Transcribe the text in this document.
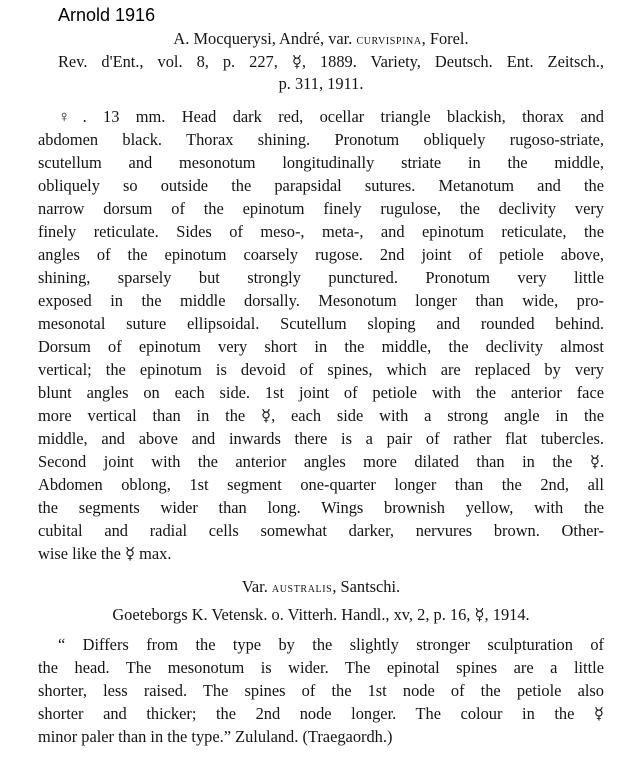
Arnold 1916
A. Mocquerysi, André, var. curvispina, Forel.
Rev. d'Ent., vol. 8, p. 227, ☿, 1889. Variety, Deutsch. Ent. Zeitsch.,
p. 311, 1911.
♀. 13 mm. Head dark red, ocellar triangle blackish, thorax and
abdomen black. Thorax shining. Pronotum obliquely rugoso-striate,
scutellum and mesonotum longitudinally striate in the middle,
obliquely so outside the parapsidal sutures. Metanotum and the
narrow dorsum of the epinotum finely rugulose, the declivity very
finely reticulate. Sides of meso-, meta-, and epinotum reticulate, the
angles of the epinotum coarsely rugose. 2nd joint of petiole above,
shining, sparsely but strongly punctured. Pronotum very little
exposed in the middle dorsally. Mesonotum longer than wide, pro-
mesonotal suture ellipsoidal. Scutellum sloping and rounded behind.
Dorsum of epinotum very short in the middle, the declivity almost
vertical; the epinotum is devoid of spines, which are replaced by very
blunt angles on each side. 1st joint of petiole with the anterior face
more vertical than in the ☿, each side with a strong angle in the
middle, and above and inwards there is a pair of rather flat tubercles.
Second joint with the anterior angles more dilated than in the ☿.
Abdomen oblong, 1st segment one-quarter longer than the 2nd, all
the segments wider than long. Wings brownish yellow, with the
cubital and radial cells somewhat darker, nervures brown. Other-
wise like the ☿ max.
Var. australis, Santschi.
Goeteborgs K. Vetensk. o. Vitterh. Handl., xv, 2, p. 16, ☿, 1914.
“ Differs from the type by the slightly stronger sculpturation of
the head. The mesonotum is wider. The epinotal spines are a little
shorter, less raised. The spines of the 1st node of the petiole also
shorter and thicker; the 2nd node longer. The colour in the ☿
minor paler than in the type.” Zululand. (Traegaordh.)
